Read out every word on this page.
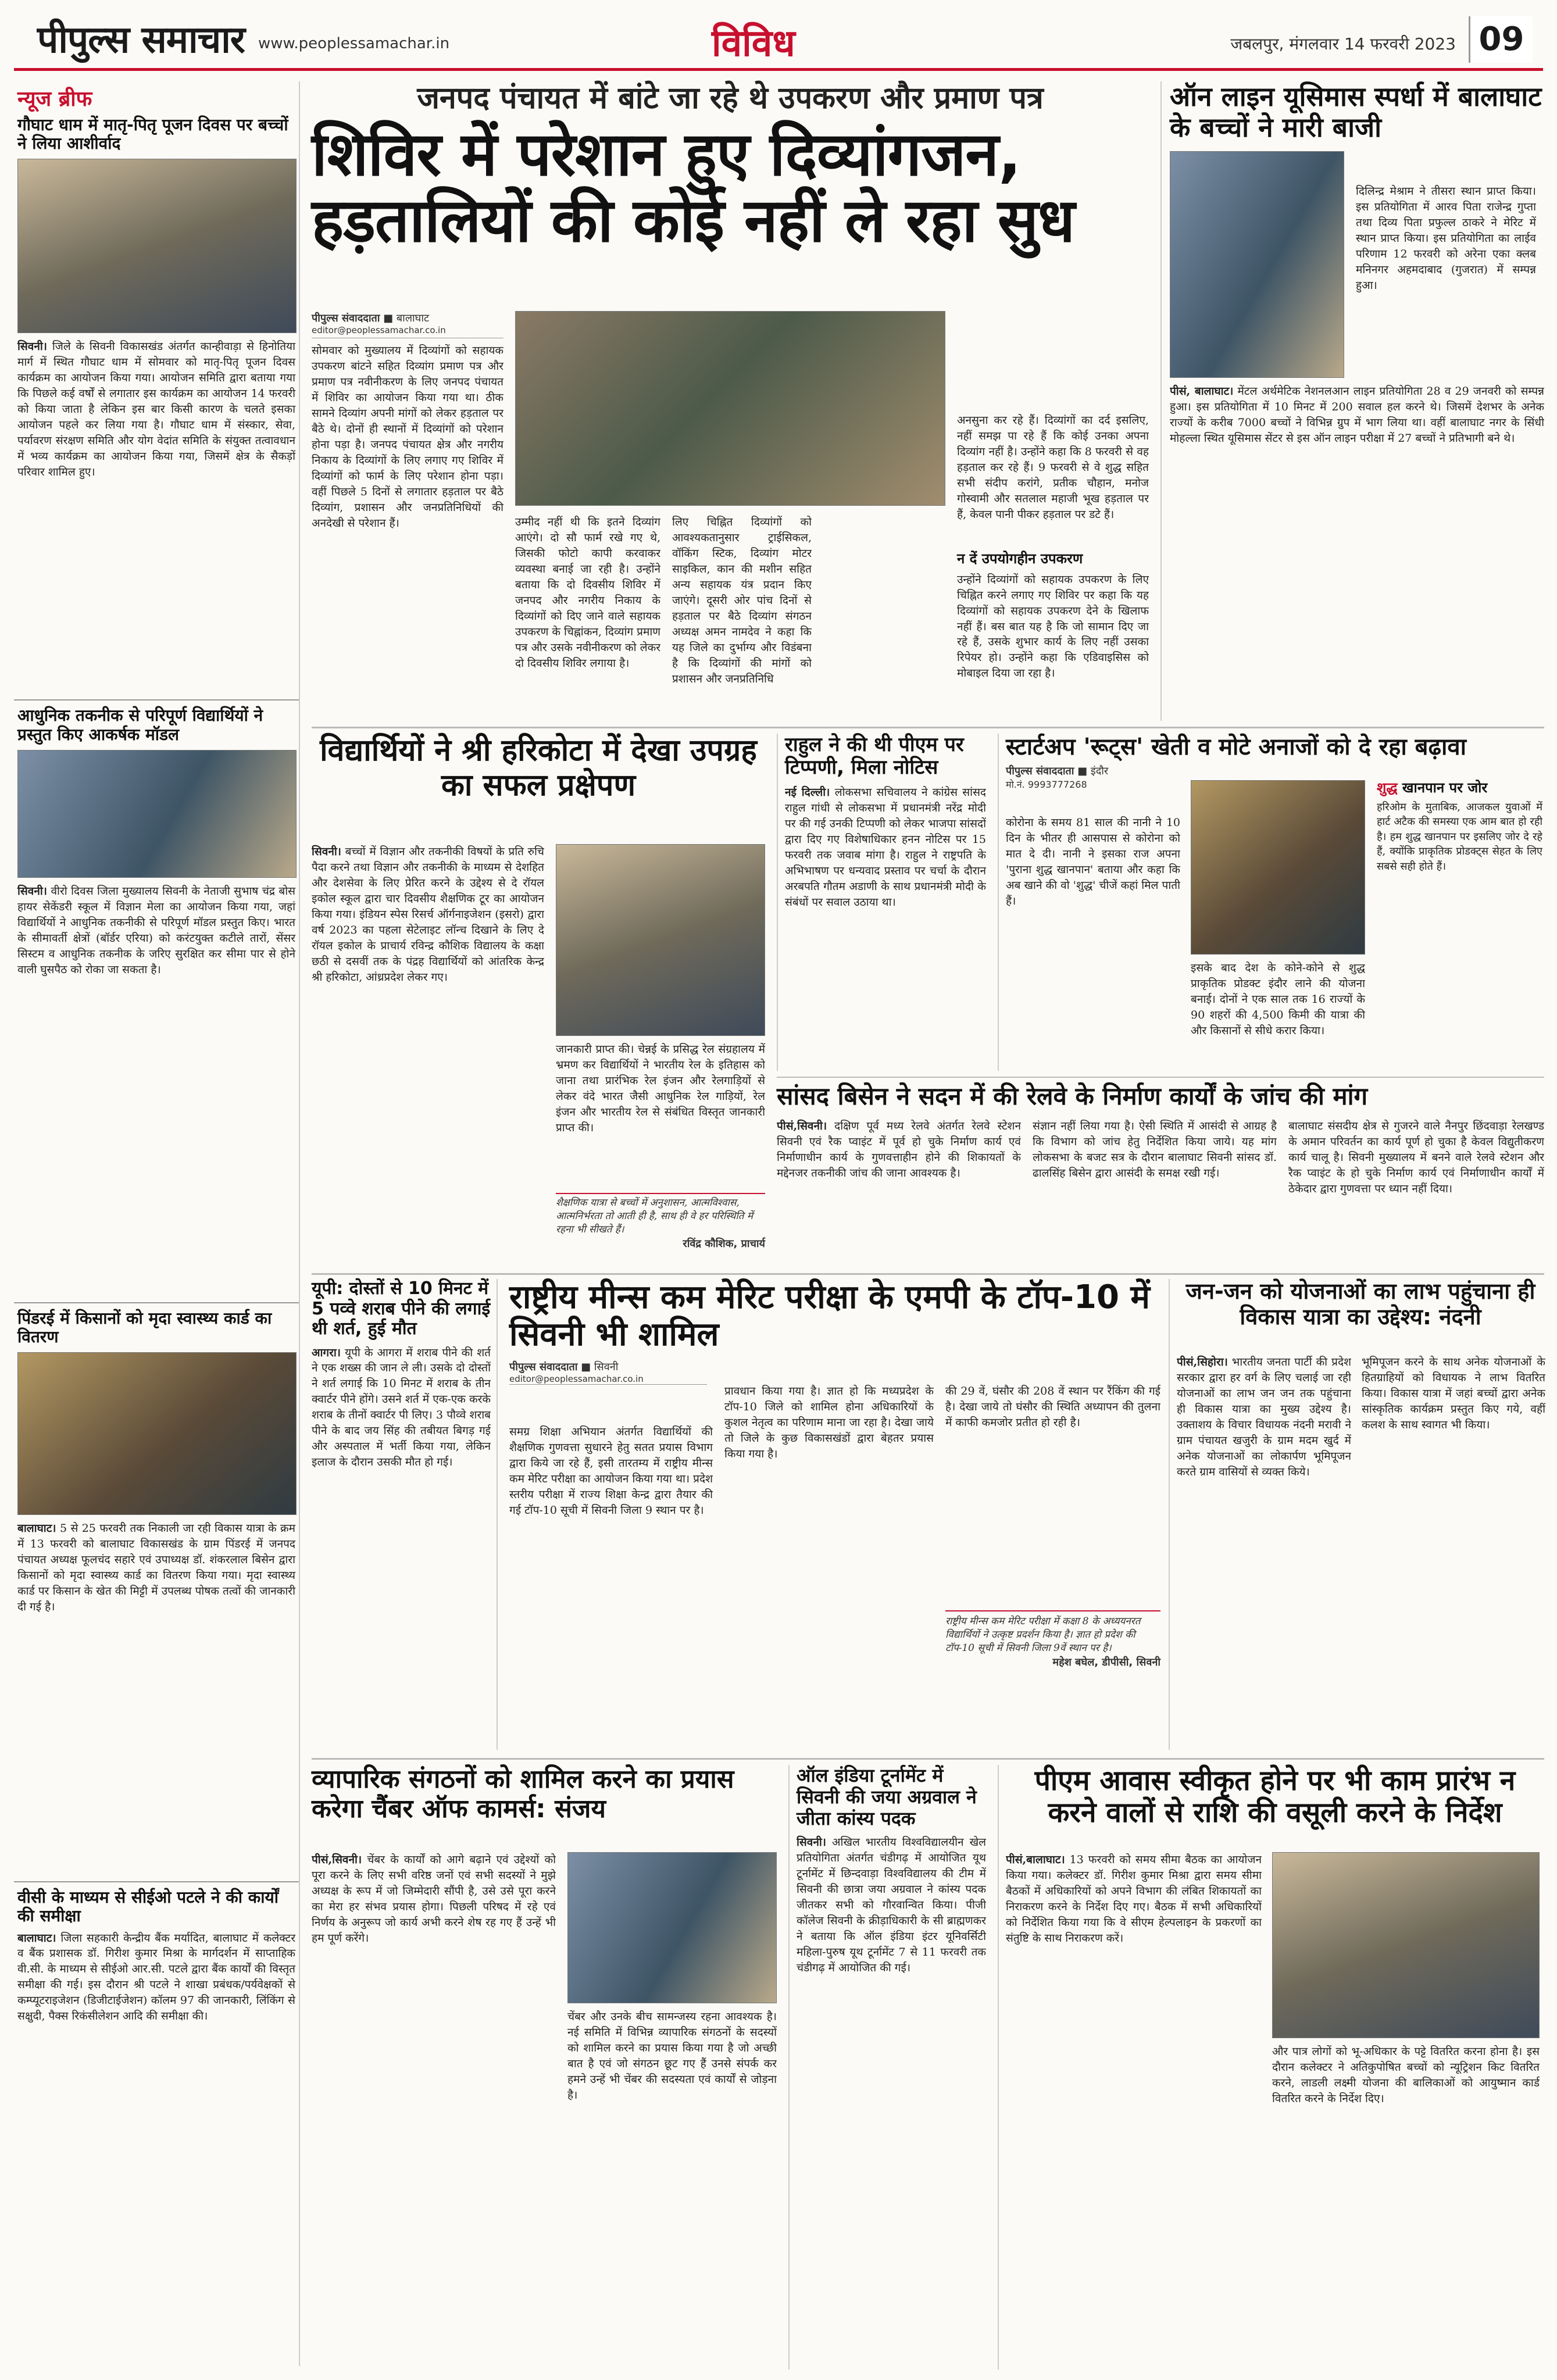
पीपुल्स समाचार www.peoplessamachar.in	विविध	जबलपुर, मंगलवार 14 फरवरी 2023 09
न्यूज ब्रीफ
गौघाट धाम में मातृ-पितृ पूजन दिवस पर बच्चों ने लिया आशीर्वाद

सिवनी। जिले के सिवनी विकासखंड अंतर्गत कान्हीवाड़ा से हिनोतिया मार्ग में स्थित गौघाट धाम में सोमवार को मातृ-पितृ पूजन दिवस कार्यक्रम का आयोजन किया गया। आयोजन समिति द्वारा बताया गया कि पिछले कई वर्षों से लगातार इस कार्यक्रम का आयोजन 14 फरवरी को किया जाता है लेकिन इस बार किसी कारण के चलते इसका आयोजन पहले कर लिया गया है। गौघाट धाम में संस्कार, सेवा, पर्यावरण संरक्षण समिति और योग वेदांत समिति के संयुक्त तत्वावधान में भव्य कार्यक्रम का आयोजन किया गया, जिसमें क्षेत्र के सैकड़ों परिवार शामिल हुए।

आधुनिक तकनीक से परिपूर्ण विद्यार्थियों ने प्रस्तुत किए आकर्षक मॉडल

सिवनी। वीरो दिवस जिला मुख्यालय सिवनी के नेताजी सुभाष चंद्र बोस हायर सेकेंडरी स्कूल में विज्ञान मेला का आयोजन किया गया, जहां विद्यार्थियों ने आधुनिक तकनीकी से परिपूर्ण मॉडल प्रस्तुत किए। भारत के सीमावर्ती क्षेत्रों (बॉर्डर एरिया) को करंटयुक्त कटीले तारों, सेंसर सिस्टम व आधुनिक तकनीक के जरिए सुरक्षित कर सीमा पार से होने वाली घुसपैठ को रोका जा सकता है।

पिंडरई में किसानों को मृदा स्वास्थ्य कार्ड का वितरण

बालाघाट। 5 से 25 फरवरी तक निकाली जा रही विकास यात्रा के क्रम में 13 फरवरी को बालाघाट विकासखंड के ग्राम पिंडरई में जनपद पंचायत अध्यक्ष फूलचंद सहारे एवं उपाध्यक्ष डॉ. शंकरलाल बिसेन द्वारा किसानों को मृदा स्वास्थ्य कार्ड का वितरण किया गया। मृदा स्वास्थ्य कार्ड पर किसान के खेत की मिट्टी में उपलब्ध पोषक तत्वों की जानकारी दी गई है।

वीसी के माध्यम से सीईओ पटले ने की कार्यों की समीक्षा

बालाघाट। जिला सहकारी केन्द्रीय बैंक मर्यादित, बालाघाट में कलेक्टर व बैंक प्रशासक डॉ. गिरीश कुमार मिश्रा के मार्गदर्शन में साप्ताहिक वी.सी. के माध्यम से सीईओ आर.सी. पटले द्वारा बैंक कार्यों की विस्तृत समीक्षा की गई। इस दौरान श्री पटले ने शाखा प्रबंधक/पर्यवेक्षकों से कम्प्यूटराइजेशन (डिजीटाईजेशन) कॉलम 97 की जानकारी, लिंकिंग से सक्षुदी, पैक्स रिकंसीलेशन आदि की समीक्षा की।

जनपद पंचायत में बांटे जा रहे थे उपकरण और प्रमाण पत्र
शिविर में परेशान हुए दिव्यांगजन, हड़तालियों की कोई नहीं ले रहा सुध
पीपुल्स संवाददाता ■ बालाघाट
editor@peoplessamachar.co.in

सोमवार को मुख्यालय में दिव्यांगों को सहायक उपकरण बांटने सहित दिव्यांग प्रमाण पत्र और प्रमाण पत्र नवीनीकरण के लिए जनपद पंचायत में शिविर का आयोजन किया गया था। ठीक सामने दिव्यांग अपनी मांगों को लेकर हड़ताल पर बैठे थे। दोनों ही स्थानों में दिव्यांगों को परेशान होना पड़ा है। जनपद पंचायत क्षेत्र और नगरीय निकाय के दिव्यांगों के लिए लगाए गए शिविर में दिव्यांगों को फार्म के लिए परेशान होना पड़ा। वहीं पिछले 5 दिनों से लगातार हड़ताल पर बैठे दिव्यांग, प्रशासन और जनप्रतिनिधियों की अनदेखी से परेशान हैं।	उम्मीद नहीं थी कि इतने दिव्यांग आएंगे। दो सौ फार्म रखे गए थे, जिसकी फोटो कापी करवाकर व्यवस्था बनाई जा रही है। उन्होंने बताया कि दो दिवसीय शिविर में जनपद और नगरीय निकाय के दिव्यांगों को दिए जाने वाले सहायक उपकरण के चिह्नांकन, दिव्यांग प्रमाण पत्र और उसके नवीनीकरण को लेकर दो दिवसीय शिविर लगाया है।

लिए चिह्नित दिव्यांगों को आवश्यकतानुसार ट्राईसिकल, वॉकिंग स्टिक, दिव्यांग मोटर साइकिल, कान की मशीन सहित अन्य सहायक यंत्र प्रदान किए जाएंगे। दूसरी ओर पांच दिनों से हड़ताल पर बैठे दिव्यांग संगठन अध्यक्ष अमन नामदेव ने कहा कि यह जिले का दुर्भाग्य और विडंबना है कि दिव्यांगों की मांगों को प्रशासन और जनप्रतिनिधि

अनसुना कर रहे हैं। दिव्यांगों का दर्द इसलिए, नहीं समझ पा रहे हैं कि कोई उनका अपना दिव्यांग नहीं है। उन्होंने कहा कि 8 फरवरी से वह हड़ताल कर रहे हैं। 9 फरवरी से वे शुद्ध सहित सभी संदीप करांगे, प्रतीक चौहान, मनोज गोस्वामी और सतलाल महाजी भूख हड़ताल पर हैं, केवल पानी पीकर हड़ताल पर डटे हैं।

न दें उपयोगहीन उपकरण

उन्होंने दिव्यांगों को सहायक उपकरण के लिए चिह्नित करने लगाए गए शिविर पर कहा कि यह दिव्यांगों को सहायक उपकरण देने के खिलाफ नहीं हैं। बस बात यह है कि जो सामान दिए जा रहे हैं, उसके शुभार कार्य के लिए नहीं उसका रिपेयर हो। उन्होंने कहा कि एडिवाइसिस को मोबाइल दिया जा रहा है।

ऑन लाइन यूसिमास स्पर्धा में बालाघाट के बच्चों ने मारी बाजी

दिलिन्द्र मेश्राम ने तीसरा स्थान प्राप्त किया। इस प्रतियोगिता में आरव पिता राजेन्द्र गुप्ता तथा दिव्य पिता प्रफुल्ल ठाकरे ने मेरिट में स्थान प्राप्त किया। इस प्रतियोगिता का लाईव परिणाम 12 फरवरी को अरेना एका क्लब मनिनगर अहमदाबाद (गुजरात) में सम्पन्न हुआ।

पीसं, बालाघाट। मेंटल अर्थमेटिक नेशनलआन लाइन प्रतियोगिता 28 व 29 जनवरी को सम्पन्न हुआ। इस प्रतियोगिता में 10 मिनट में 200 सवाल हल करने थे। जिसमें देशभर के अनेक राज्यों के करीब 7000 बच्चों ने विभिन्न ग्रुप में भाग लिया था। वहीं बालाघाट नगर के सिंधी मोहल्ला स्थित यूसिमास सेंटर से इस ऑन लाइन परीक्षा में 27 बच्चों ने प्रतिभागी बने थे।

विद्यार्थियों ने श्री हरिकोटा में देखा उपग्रह का सफल प्रक्षेपण

सिवनी। बच्चों में विज्ञान और तकनीकी विषयों के प्रति रुचि पैदा करने तथा विज्ञान और तकनीकी के माध्यम से देशहित और देशसेवा के लिए प्रेरित करने के उद्देश्य से दे रॉयल इकोल स्कूल द्वारा चार दिवसीय शैक्षणिक टूर का आयोजन किया गया। इंडियन स्पेस रिसर्च ऑर्गनाइजेशन (इसरो) द्वारा वर्ष 2023 का पहला सेटेलाइट लॉन्च दिखाने के लिए दे रॉयल इकोल के प्राचार्य रविन्द्र कौशिक विद्यालय के कक्षा छठी से दसवीं तक के पंद्रह विद्यार्थियों को आंतरिक केन्द्र श्री हरिकोटा, आंध्रप्रदेश लेकर गए।

जानकारी प्राप्त की। चेन्नई के प्रसिद्ध रेल संग्रहालय में भ्रमण कर विद्यार्थियों ने भारतीय रेल के इतिहास को जाना तथा प्रारंभिक रेल इंजन और रेलगाड़ियों से लेकर वंदे भारत जैसी आधुनिक रेल गाड़ियों, रेल इंजन और भारतीय रेल से संबंधित विस्तृत जानकारी प्राप्त की।

शैक्षणिक यात्रा से बच्चों में अनुशासन, आत्मविश्वास, आत्मनिर्भरता तो आती ही है, साथ ही वे हर परिस्थिति में रहना भी सीखते हैं।
रविंद्र कौशिक, प्राचार्य
राहुल ने की थी पीएम पर टिप्पणी, मिला नोटिस

नई दिल्ली। लोकसभा सचिवालय ने कांग्रेस सांसद राहुल गांधी से लोकसभा में प्रधानमंत्री नरेंद्र मोदी पर की गई उनकी टिप्पणी को लेकर भाजपा सांसदों द्वारा दिए गए विशेषाधिकार हनन नोटिस पर 15 फरवरी तक जवाब मांगा है। राहुल ने राष्ट्रपति के अभिभाषण पर धन्यवाद प्रस्ताव पर चर्चा के दौरान अरबपति गौतम अडाणी के साथ प्रधानमंत्री मोदी के संबंधों पर सवाल उठाया था।

स्टार्टअप 'रूट्स' खेती व मोटे अनाजों को दे रहा बढ़ावा
पीपुल्स संवाददाता ■ इंदौर
मो.नं. 9993777268

कोरोना के समय 81 साल की नानी ने 10 दिन के भीतर ही आसपास से कोरोना को मात दे दी। नानी ने इसका राज अपना 'पुराना शुद्ध खानपान' बताया और कहा कि अब खाने की वो 'शुद्ध' चीजें कहां मिल पाती हैं।

इसके बाद देश के कोने-कोने से शुद्ध प्राकृतिक प्रोडक्ट इंदौर लाने की योजना बनाई। दोनों ने एक साल तक 16 राज्यों के 90 शहरों की 4,500 किमी की यात्रा की और किसानों से सीधे करार किया।

शुद्ध खानपान पर जोर

हरिओम के मुताबिक, आजकल युवाओं में हार्ट अटैक की समस्या एक आम बात हो रही है। हम शुद्ध खानपान पर इसलिए जोर दे रहे हैं, क्योंकि प्राकृतिक प्रोडक्ट्स सेहत के लिए सबसे सही होते हैं।

सांसद बिसेन ने सदन में की रेलवे के निर्माण कार्यों के जांच की मांग

पीसं,सिवनी। दक्षिण पूर्व मध्य रेलवे अंतर्गत रेलवे स्टेशन सिवनी एवं रैक प्वाइंट में पूर्व हो चुके निर्माण कार्य एवं निर्माणाधीन कार्य के गुणवत्ताहीन होने की शिकायतों के मद्देनजर तकनीकी जांच की जाना आवश्यक है।

संज्ञान नहीं लिया गया है। ऐसी स्थिति में आसंदी से आग्रह है कि विभाग को जांच हेतु निर्देशित किया जाये। यह मांग लोकसभा के बजट सत्र के दौरान बालाघाट सिवनी सांसद डॉ. ढालसिंह बिसेन द्वारा आसंदी के समक्ष रखी गई।

बालाघाट संसदीय क्षेत्र से गुजरने वाले नैनपुर छिंदवाड़ा रेलखण्ड के अमान परिवर्तन का कार्य पूर्ण हो चुका है केवल विद्युतीकरण कार्य चालू है। सिवनी मुख्यालय में बनने वाले रेलवे स्टेशन और रैक प्वाइंट के हो चुके निर्माण कार्य एवं निर्माणाधीन कार्यों में ठेकेदार द्वारा गुणवत्ता पर ध्यान नहीं दिया।

यूपी: दोस्तों से 10 मिनट में 5 पव्वे शराब पीने की लगाई थी शर्त, हुई मौत

आगरा। यूपी के आगरा में शराब पीने की शर्त ने एक शख्स की जान ले ली। उसके दो दोस्तों ने शर्त लगाई कि 10 मिनट में शराब के तीन क्वार्टर पीने होंगे। उसने शर्त में एक-एक करके शराब के तीनों क्वार्टर पी लिए। 3 पौव्वे शराब पीने के बाद जय सिंह की तबीयत बिगड़ गई और अस्पताल में भर्ती किया गया, लेकिन इलाज के दौरान उसकी मौत हो गई।

राष्ट्रीय मीन्स कम मेरिट परीक्षा के एमपी के टॉप-10 में सिवनी भी शामिल
पीपुल्स संवाददाता ■ सिवनी
editor@peoplessamachar.co.in

समग्र शिक्षा अभियान अंतर्गत विद्यार्थियों की शैक्षणिक गुणवत्ता सुधारने हेतु सतत प्रयास विभाग द्वारा किये जा रहे हैं, इसी तारतम्य में राष्ट्रीय मीन्स कम मेरिट परीक्षा का आयोजन किया गया था। प्रदेश स्तरीय परीक्षा में राज्य शिक्षा केन्द्र द्वारा तैयार की गई टॉप-10 सूची में सिवनी जिला 9 स्थान पर है।

प्रावधान किया गया है। ज्ञात हो कि मध्यप्रदेश के टॉप-10 जिले को शामिल होना अधिकारियों के कुशल नेतृत्व का परिणाम माना जा रहा है। देखा जाये तो जिले के कुछ विकासखंडों द्वारा बेहतर प्रयास किया गया है।

की 29 वें, घंसौर की 208 वें स्थान पर रैंकिंग की गई है। देखा जाये तो घंसौर की स्थिति अध्यापन की तुलना में काफी कमजोर प्रतीत हो रही है।

राष्ट्रीय मीन्स कम मेरिट परीक्षा में कक्षा 8 के अध्ययनरत विद्यार्थियों ने उत्कृष्ट प्रदर्शन किया है। ज्ञात हो प्रदेश की टॉप-10 सूची में सिवनी जिला 9वें स्थान पर है।
महेश बघेल, डीपीसी, सिवनी
जन-जन को योजनाओं का लाभ पहुंचाना ही विकास यात्रा का उद्देश्य: नंदनी

पीसं,सिहोरा। भारतीय जनता पार्टी की प्रदेश सरकार द्वारा हर वर्ग के लिए चलाई जा रही योजनाओं का लाभ जन जन तक पहुंचाना ही विकास यात्रा का मुख्य उद्देश्य है। उक्ताशय के विचार विधायक नंदनी मरावी ने ग्राम पंचायत खजुरी के ग्राम मदम खुर्द में अनेक योजनाओं का लोकार्पण भूमिपूजन करते ग्राम वासियों से व्यक्त किये।

भूमिपूजन करने के साथ अनेक योजनाओं के हितग्राहियों को विधायक ने लाभ वितरित किया। विकास यात्रा में जहां बच्चों द्वारा अनेक सांस्कृतिक कार्यक्रम प्रस्तुत किए गये, वहीं कलश के साथ स्वागत भी किया।

व्यापारिक संगठनों को शामिल करने का प्रयास करेगा चैंबर ऑफ कामर्स: संजय

पीसं,सिवनी। चेंबर के कार्यों को आगे बढ़ाने एवं उद्देश्यों को पूरा करने के लिए सभी वरिष्ठ जनों एवं सभी सदस्यों ने मुझे अध्यक्ष के रूप में जो जिम्मेदारी सौंपी है, उसे उसे पूरा करने का मेरा हर संभव प्रयास होगा। पिछली परिषद में रहे एवं निर्णय के अनुरूप जो कार्य अभी करने शेष रह गए हैं उन्हें भी हम पूर्ण करेंगे।

चेंबर और उनके बीच सामन्जस्य रहना आवश्यक है। नई समिति में विभिन्न व्यापारिक संगठनों के सदस्यों को शामिल करने का प्रयास किया गया है जो अच्छी बात है एवं जो संगठन छूट गए हैं उनसे संपर्क कर हमने उन्हें भी चेंबर की सदस्यता एवं कार्यों से जोड़ना है।

ऑल इंडिया टूर्नामेंट में सिवनी की जया अग्रवाल ने जीता कांस्य पदक

सिवनी। अखिल भारतीय विश्वविद्यालयीन खेल प्रतियोगिता अंतर्गत चंडीगढ़ में आयोजित यूथ टूर्नामेंट में छिन्दवाड़ा विश्वविद्यालय की टीम में सिवनी की छात्रा जया अग्रवाल ने कांस्य पदक जीतकर सभी को गौरवान्वित किया। पीजी कॉलेज सिवनी के क्रीड़ाधिकारी के सी ब्राह्मणकर ने बताया कि ऑल इंडिया इंटर यूनिवर्सिटी महिला-पुरुष यूथ टूर्नामेंट 7 से 11 फरवरी तक चंडीगढ़ में आयोजित की गई।

पीएम आवास स्वीकृत होने पर भी काम प्रारंभ न करने वालों से राशि की वसूली करने के निर्देश

पीसं,बालाघाट। 13 फरवरी को समय सीमा बैठक का आयोजन किया गया। कलेक्टर डॉ. गिरीश कुमार मिश्रा द्वारा समय सीमा बैठकों में अधिकारियों को अपने विभाग की लंबित शिकायतों का निराकरण करने के निर्देश दिए गए। बैठक में सभी अधिकारियों को निर्देशित किया गया कि वे सीएम हेल्पलाइन के प्रकरणों का संतुष्टि के साथ निराकरण करें।

और पात्र लोगों को भू-अधिकार के पट्टे वितरित करना होना है। इस दौरान कलेक्टर ने अतिकुपोषित बच्चों को न्यूट्रिशन किट वितरित करने, लाडली लक्ष्मी योजना की बालिकाओं को आयुष्मान कार्ड वितरित करने के निर्देश दिए।
